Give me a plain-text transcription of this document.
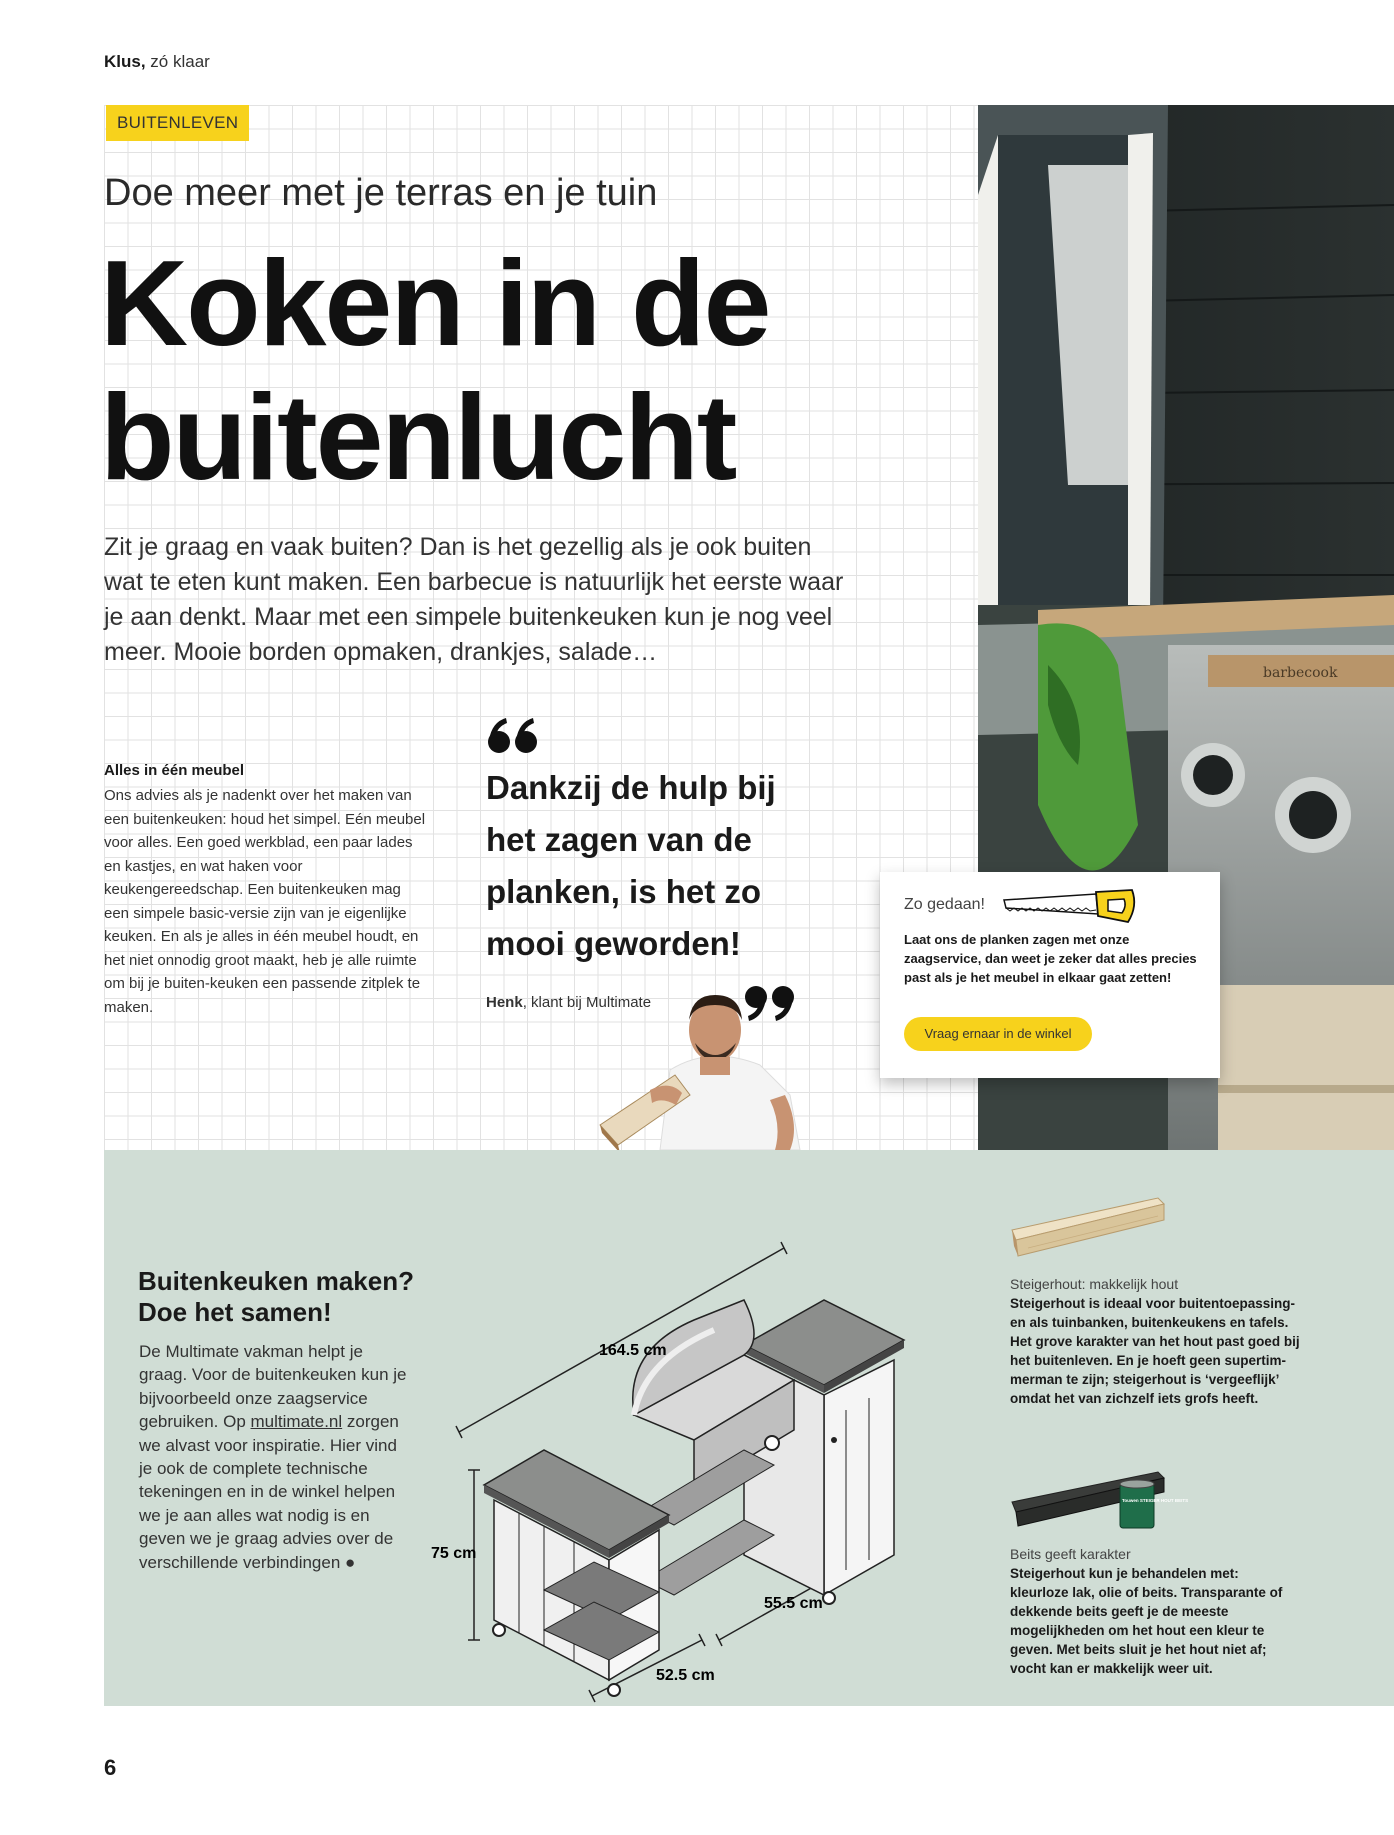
Klus, zó klaar
BUITENLEVEN
Doe meer met je terras en je tuin
Koken in de buitenlucht
Zit je graag en vaak buiten? Dan is het gezellig als je ook buiten wat te eten kunt maken. Een barbecue is natuurlijk het eerste waar je aan denkt. Maar met een simpele buitenkeuken kun je nog veel meer. Mooie borden opmaken, drankjes, salade…
Alles in één meubel
Ons advies als je nadenkt over het maken van een buitenkeuken: houd het simpel. Eén meubel voor alles. Een goed werkblad, een paar lades en kastjes, en wat haken voor keukengereedschap. Een buitenkeuken mag een simpele basic-versie zijn van je eigenlijke keuken. En als je alles in één meubel houdt, en het niet onnodig groot maakt, heb je alle ruimte om bij je buiten-keuken een passende zitplek te maken.
Dankzij de hulp bij het zagen van de planken, is het zo mooi geworden!
Henk, klant bij Multimate
barbecook
Zo gedaan!
Laat ons de planken zagen met onze zaagservice, dan weet je zeker dat alles precies past als je het meubel in elkaar gaat zetten!
Vraag ernaar in de winkel
Buitenkeuken maken? Doe het samen!
De Multimate vakman helpt je graag. Voor de buitenkeuken kun je bijvoorbeeld onze zaagservice gebruiken. Op multimate.nl zorgen we alvast voor inspiratie. Hier vind je ook de complete technische tekeningen en in de winkel helpen we je aan alles wat nodig is en geven we je graag advies over de verschillende verbindingen ●
164.5 cm
75 cm
55.5 cm
52.5 cm
Steigerhout: makkelijk hout
Steigerhout is ideaal voor buitentoepassing-en als tuinbanken, buitenkeukens en tafels. Het grove karakter van het hout past goed bij het buitenleven. En je hoeft geen supertim-merman te zijn; steigerhout is ‘vergeeflijk’ omdat het van zichzelf iets grofs heeft.
Touwen STEIGER HOUT BEITS
Beits geeft karakter
Steigerhout kun je behandelen met: kleurloze lak, olie of beits. Transparante of dekkende beits geeft je de meeste mogelijkheden om het hout een kleur te geven. Met beits sluit je het hout niet af; vocht kan er makkelijk weer uit.
6
